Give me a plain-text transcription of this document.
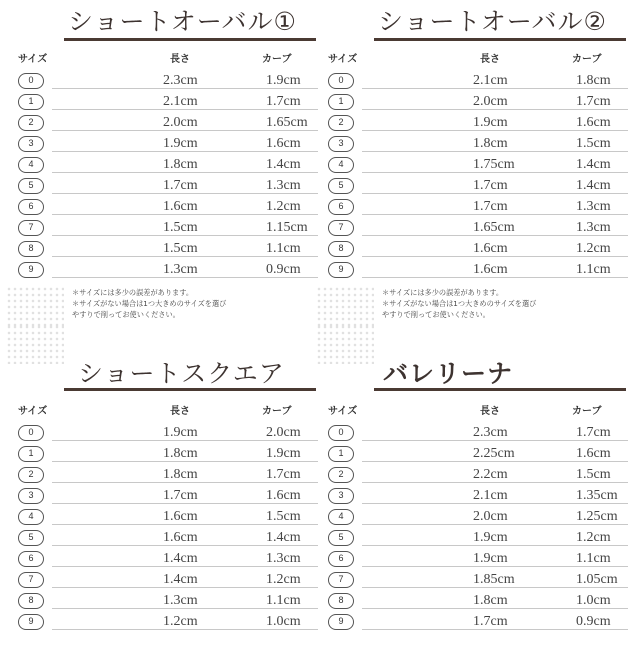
ショートオーバル①
サイズ	長さ	カーブ
0	2.3cm	1.9cm
1	2.1cm	1.7cm
2	2.0cm	1.65cm
3	1.9cm	1.6cm
4	1.8cm	1.4cm
5	1.7cm	1.3cm
6	1.6cm	1.2cm
7	1.5cm	1.15cm
8	1.5cm	1.1cm
9	1.3cm	0.9cm
＊サイズには多少の誤差があります。
＊サイズがない場合は1つ大きめのサイズを選び
やすりで削ってお使いください。
ショートオーバル②
サイズ	長さ	カーブ
0	2.1cm	1.8cm
1	2.0cm	1.7cm
2	1.9cm	1.6cm
3	1.8cm	1.5cm
4	1.75cm	1.4cm
5	1.7cm	1.4cm
6	1.7cm	1.3cm
7	1.65cm	1.3cm
8	1.6cm	1.2cm
9	1.6cm	1.1cm
＊サイズには多少の誤差があります。
＊サイズがない場合は1つ大きめのサイズを選び
やすりで削ってお使いください。
ショートスクエア
サイズ	長さ	カーブ
0	1.9cm	2.0cm
1	1.8cm	1.9cm
2	1.8cm	1.7cm
3	1.7cm	1.6cm
4	1.6cm	1.5cm
5	1.6cm	1.4cm
6	1.4cm	1.3cm
7	1.4cm	1.2cm
8	1.3cm	1.1cm
9	1.2cm	1.0cm
バレリーナ
サイズ	長さ	カーブ
0	2.3cm	1.7cm
1	2.25cm	1.6cm
2	2.2cm	1.5cm
3	2.1cm	1.35cm
4	2.0cm	1.25cm
5	1.9cm	1.2cm
6	1.9cm	1.1cm
7	1.85cm	1.05cm
8	1.8cm	1.0cm
9	1.7cm	0.9cm
